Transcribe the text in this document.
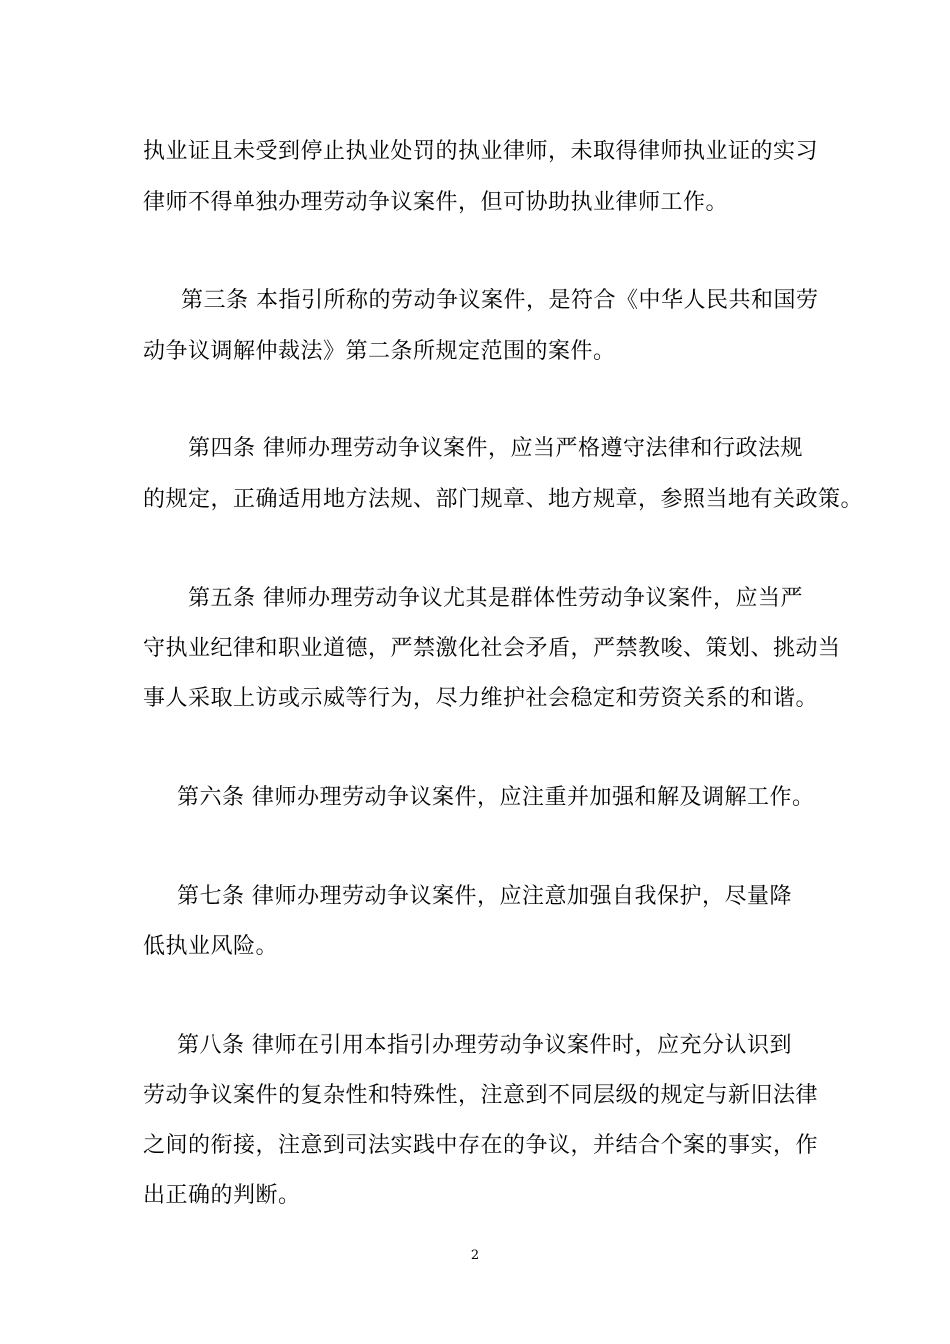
执业证且未受到停止执业处罚的执业律师，未取得律师执业证的实习
律师不得单独办理劳动争议案件，但可协助执业律师工作。
第三条 本指引所称的劳动争议案件，是符合《中华人民共和国劳
动争议调解仲裁法》第二条所规定范围的案件。
第四条 律师办理劳动争议案件，应当严格遵守法律和行政法规
的规定，正确适用地方法规、部门规章、地方规章，参照当地有关政策。
第五条 律师办理劳动争议尤其是群体性劳动争议案件，应当严
守执业纪律和职业道德，严禁激化社会矛盾，严禁教唆、策划、挑动当
事人采取上访或示威等行为，尽力维护社会稳定和劳资关系的和谐。
第六条 律师办理劳动争议案件，应注重并加强和解及调解工作。
第七条 律师办理劳动争议案件，应注意加强自我保护，尽量降
低执业风险。
第八条 律师在引用本指引办理劳动争议案件时，应充分认识到
劳动争议案件的复杂性和特殊性，注意到不同层级的规定与新旧法律
之间的衔接，注意到司法实践中存在的争议，并结合个案的事实，作
出正确的判断。
2
